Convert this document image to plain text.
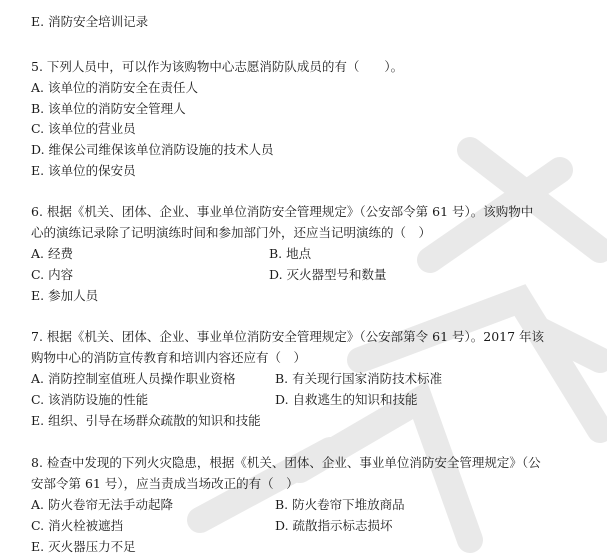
E. 消防安全培训记录
5. 下列人员中，可以作为该购物中心志愿消防队成员的有（　　）。
A. 该单位的消防安全在责任人
B. 该单位的消防安全管理人
C. 该单位的营业员
D. 维保公司维保该单位消防设施的技术人员
E. 该单位的保安员
6. 根据《机关、团体、企业、事业单位消防安全管理规定》（公安部令第 61 号）。该购物中
心的演练记录除了记明演练时间和参加部门外，还应当记明演练的（　）
A. 经费	B. 地点
C. 内容	D. 灭火器型号和数量
E. 参加人员
7. 根据《机关、团体、企业、事业单位消防安全管理规定》（公安部第令 61 号）。2017 年该
购物中心的消防宣传教育和培训内容还应有（　）
A. 消防控制室值班人员操作职业资格	B. 有关现行国家消防技术标准
C. 该消防设施的性能	D. 自救逃生的知识和技能
E. 组织、引导在场群众疏散的知识和技能
8. 检查中发现的下列火灾隐患，根据《机关、团体、企业、事业单位消防安全管理规定》（公
安部令第 61 号），应当责成当场改正的有（　）
A. 防火卷帘无法手动起降	B. 防火卷帘下堆放商品
C. 消火栓被遮挡	D. 疏散指示标志损坏
E. 灭火器压力不足
